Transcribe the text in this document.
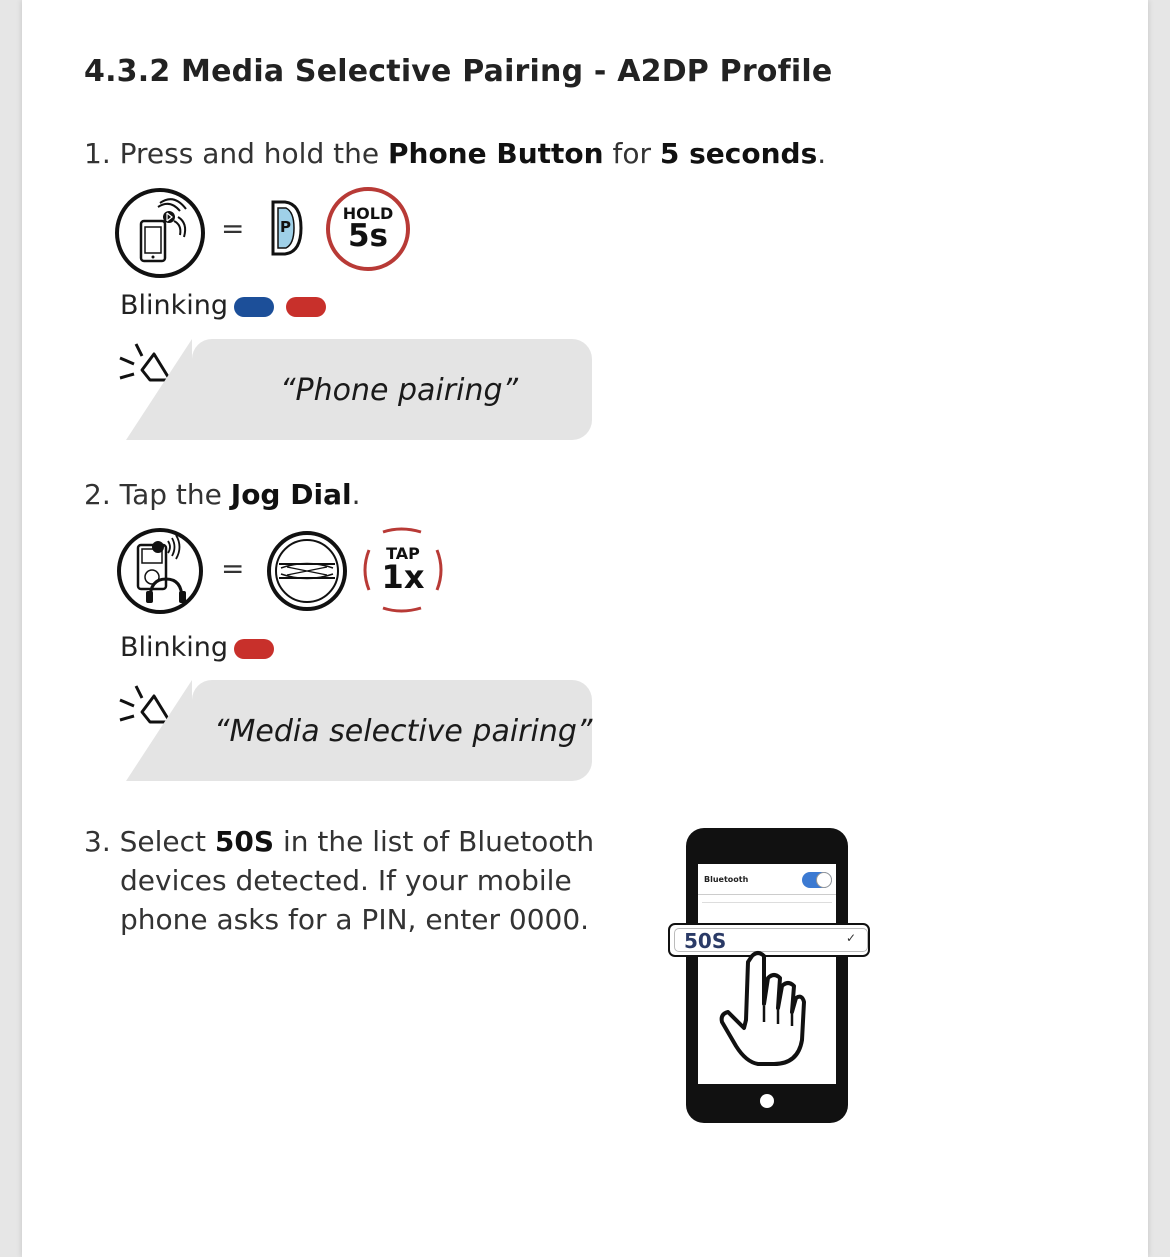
4.3.2 Media Selective Pairing - A2DP Profile
1. Press and hold the Phone Button for 5 seconds.
= P
HOLD
5s
Blinking
“Phone pairing”
2. Tap the Jog Dial.
=	TAP
1x
Blinking
“Media selective pairing”
3. Select 50S in the list of Bluetooth
devices detected. If your mobile
phone asks for a PIN, enter 0000.
Bluetooth
50S	✓
